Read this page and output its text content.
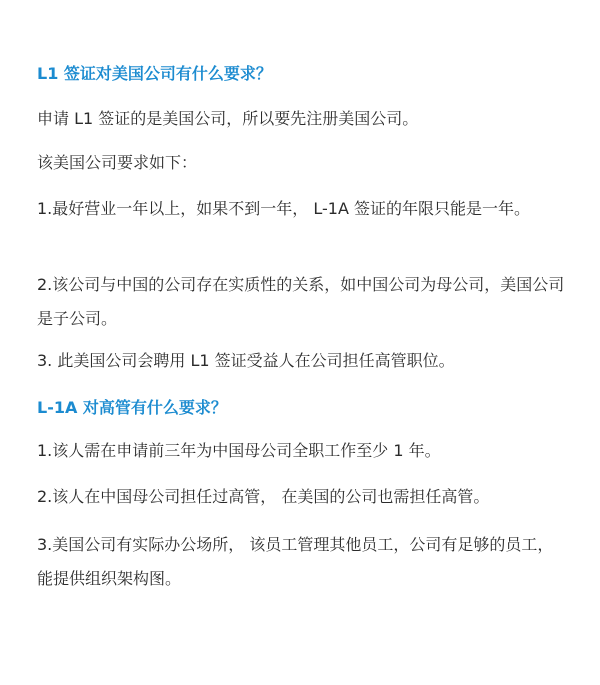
L1 签证对美国公司有什么要求？
申请 L1 签证的是美国公司，所以要先注册美国公司。
该美国公司要求如下：
1.最好营业一年以上，如果不到一年， L-1A 签证的年限只能是一年。
2.该公司与中国的公司存在实质性的关系，如中国公司为母公司，美国公司是子公司。
3. 此美国公司会聘用 L1 签证受益人在公司担任高管职位。
L-1A 对高管有什么要求？
1.该人需在申请前三年为中国母公司全职工作至少 1 年。
2.该人在中国母公司担任过高管， 在美国的公司也需担任高管。
3.美国公司有实际办公场所， 该员工管理其他员工，公司有足够的员工， 能提供组织架构图。
